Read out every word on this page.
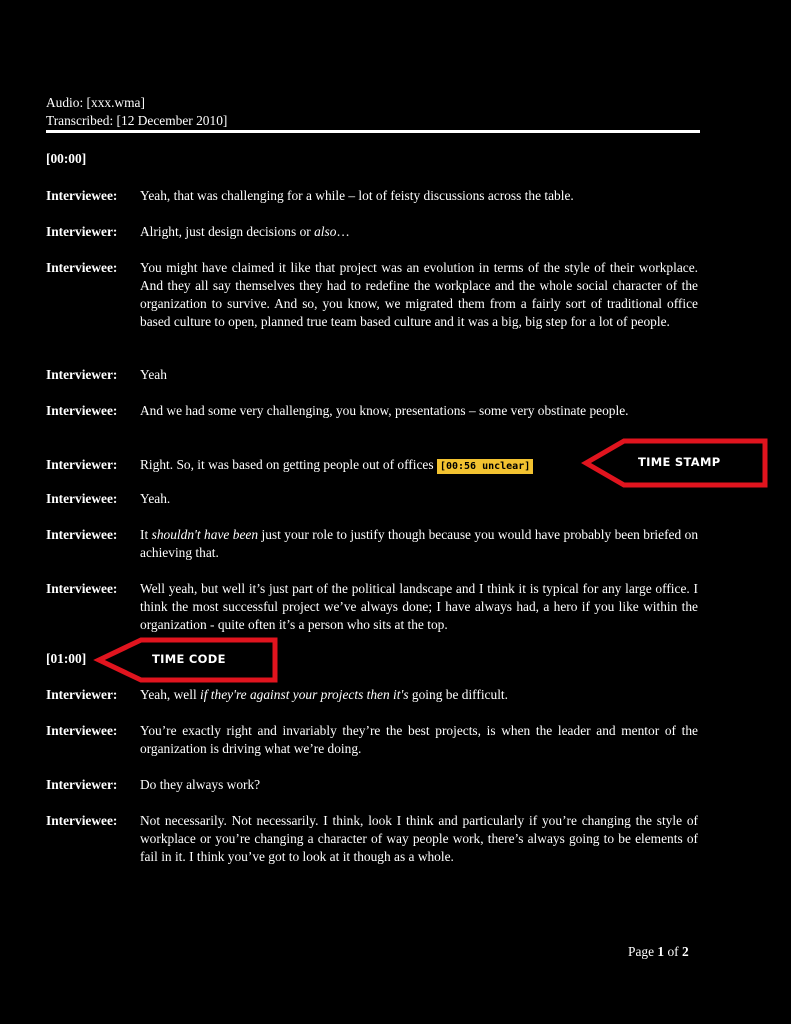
Audio: [xxx.wma]
Transcribed: [12 December 2010]
[00:00]
Interviewee:	Yeah, that was challenging for a while – lot of feisty discussions across the table.
Interviewer:	Alright, just design decisions or also…
Interviewee:	You might have claimed it like that project was an evolution in terms of the style of their workplace. And they all say themselves they had to redefine the workplace and the whole social character of the organization to survive. And so, you know, we migrated them from a fairly sort of traditional office based culture to open, planned true team based culture and it was a big, big step for a lot of people.
Interviewer:	Yeah
Interviewee:	And we had some very challenging, you know, presentations – some very obstinate people.
Interviewer:	Right. So, it was based on getting people out of offices [00:56 unclear]
Interviewee:	Yeah.
Interviewee:	It shouldn't have been just your role to justify though because you would have probably been briefed on achieving that.
Interviewee:	Well yeah, but well it’s just part of the political landscape and I think it is typical for any large office. I think the most successful project we’ve always done; I have always had, a hero if you like within the organization - quite often it’s a person who sits at the top.
[01:00]
Interviewer:	Yeah, well if they're against your projects then it's going be difficult.
Interviewee:	You’re exactly right and invariably they’re the best projects, is when the leader and mentor of the organization is driving what we’re doing.
Interviewer:	Do they always work?
Interviewee:	Not necessarily. Not necessarily. I think, look I think and particularly if you’re changing the style of workplace or you’re changing a character of way people work, there’s always going to be elements of fail in it. I think you’ve got to look at it though as a whole.
TIME STAMP
TIME CODE
Page 1 of 2
